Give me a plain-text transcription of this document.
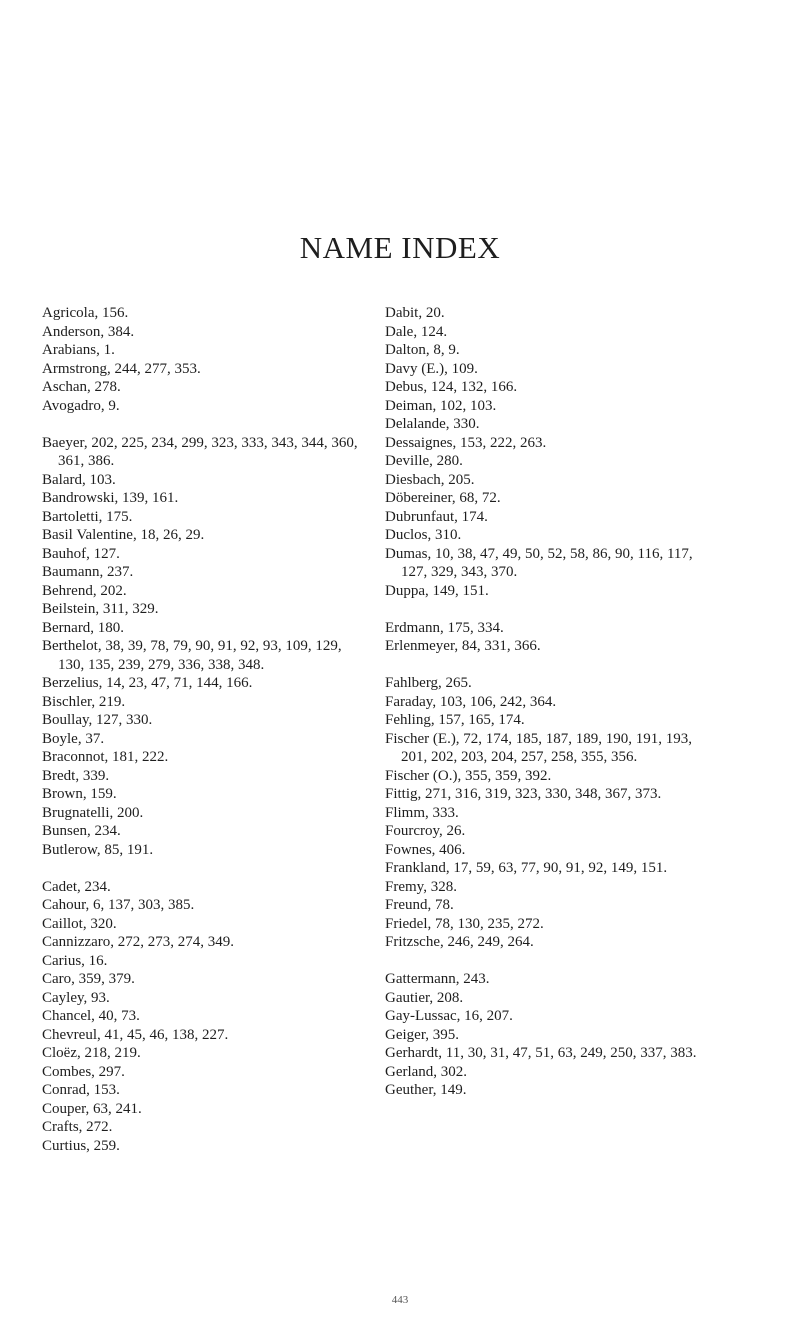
NAME INDEX

Agricola, 156.

Anderson, 384.

Arabians, 1.

Armstrong, 244, 277, 353.

Aschan, 278.

Avogadro, 9.

Baeyer, 202, 225, 234, 299, 323, 333, 343, 344, 360, 361, 386.

Balard, 103.

Bandrowski, 139, 161.

Bartoletti, 175.

Basil Valentine, 18, 26, 29.

Bauhof, 127.

Baumann, 237.

Behrend, 202.

Beilstein, 311, 329.

Bernard, 180.

Berthelot, 38, 39, 78, 79, 90, 91, 92, 93, 109, 129, 130, 135, 239, 279, 336, 338, 348.

Berzelius, 14, 23, 47, 71, 144, 166.

Bischler, 219.

Boullay, 127, 330.

Boyle, 37.

Braconnot, 181, 222.

Bredt, 339.

Brown, 159.

Brugnatelli, 200.

Bunsen, 234.

Butlerow, 85, 191.

Cadet, 234.

Cahour, 6, 137, 303, 385.

Caillot, 320.

Cannizzaro, 272, 273, 274, 349.

Carius, 16.

Caro, 359, 379.

Cayley, 93.

Chancel, 40, 73.

Chevreul, 41, 45, 46, 138, 227.

Cloëz, 218, 219.

Combes, 297.

Conrad, 153.

Couper, 63, 241.

Crafts, 272.

Curtius, 259.

Dabit, 20.

Dale, 124.

Dalton, 8, 9.

Davy (E.), 109.

Debus, 124, 132, 166.

Deiman, 102, 103.

Delalande, 330.

Dessaignes, 153, 222, 263.

Deville, 280.

Diesbach, 205.

Döbereiner, 68, 72.

Dubrunfaut, 174.

Duclos, 310.

Dumas, 10, 38, 47, 49, 50, 52, 58, 86, 90, 116, 117, 127, 329, 343, 370.

Duppa, 149, 151.

Erdmann, 175, 334.

Erlenmeyer, 84, 331, 366.

Fahlberg, 265.

Faraday, 103, 106, 242, 364.

Fehling, 157, 165, 174.

Fischer (E.), 72, 174, 185, 187, 189, 190, 191, 193, 201, 202, 203, 204, 257, 258, 355, 356.

Fischer (O.), 355, 359, 392.

Fittig, 271, 316, 319, 323, 330, 348, 367, 373.

Flimm, 333.

Fourcroy, 26.

Fownes, 406.

Frankland, 17, 59, 63, 77, 90, 91, 92, 149, 151.

Fremy, 328.

Freund, 78.

Friedel, 78, 130, 235, 272.

Fritzsche, 246, 249, 264.

Gattermann, 243.

Gautier, 208.

Gay-Lussac, 16, 207.

Geiger, 395.

Gerhardt, 11, 30, 31, 47, 51, 63, 249, 250, 337, 383.

Gerland, 302.

Geuther, 149.

443
